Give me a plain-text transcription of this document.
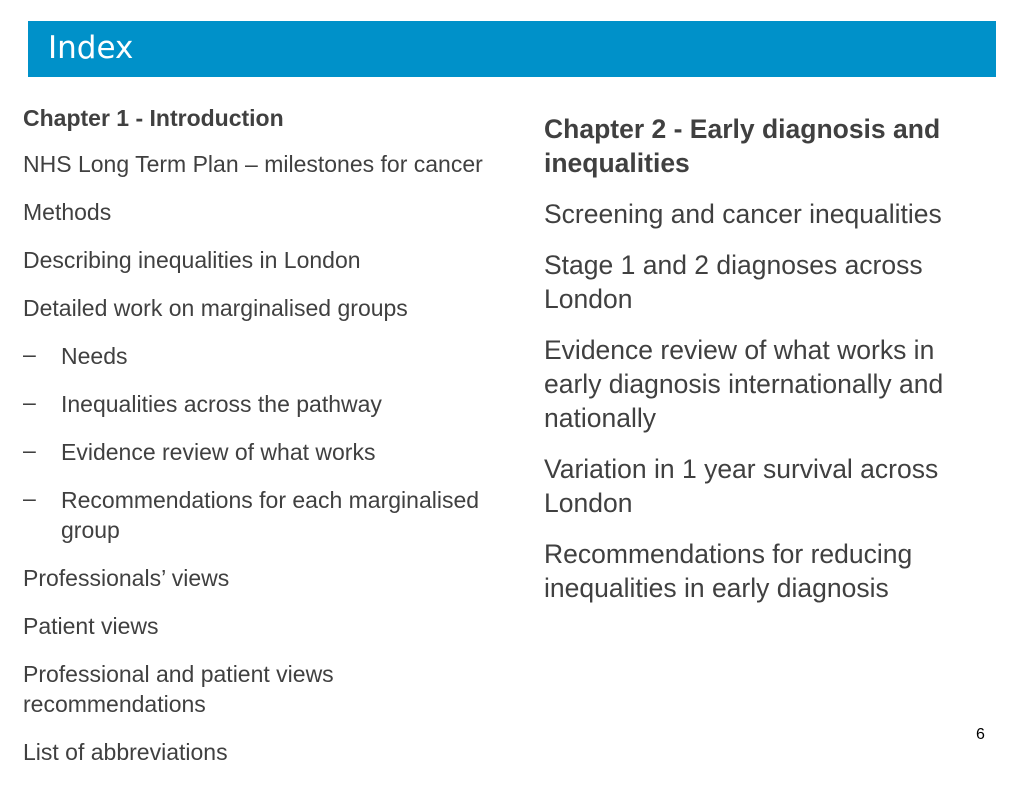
Index
Chapter 1 - Introduction
NHS Long Term Plan – milestones for cancer
Methods
Describing inequalities in London
Detailed work on marginalised groups
– Needs
– Inequalities across the pathway
– Evidence review of what works
– Recommendations for each marginalised group
Professionals’ views
Patient views
Professional and patient views recommendations
List of abbreviations
Chapter 2 - Early diagnosis and inequalities
Screening and cancer inequalities
Stage 1 and 2 diagnoses across London
Evidence review of what works in early diagnosis internationally and nationally
Variation in 1 year survival across London
Recommendations for reducing inequalities in early diagnosis
6
